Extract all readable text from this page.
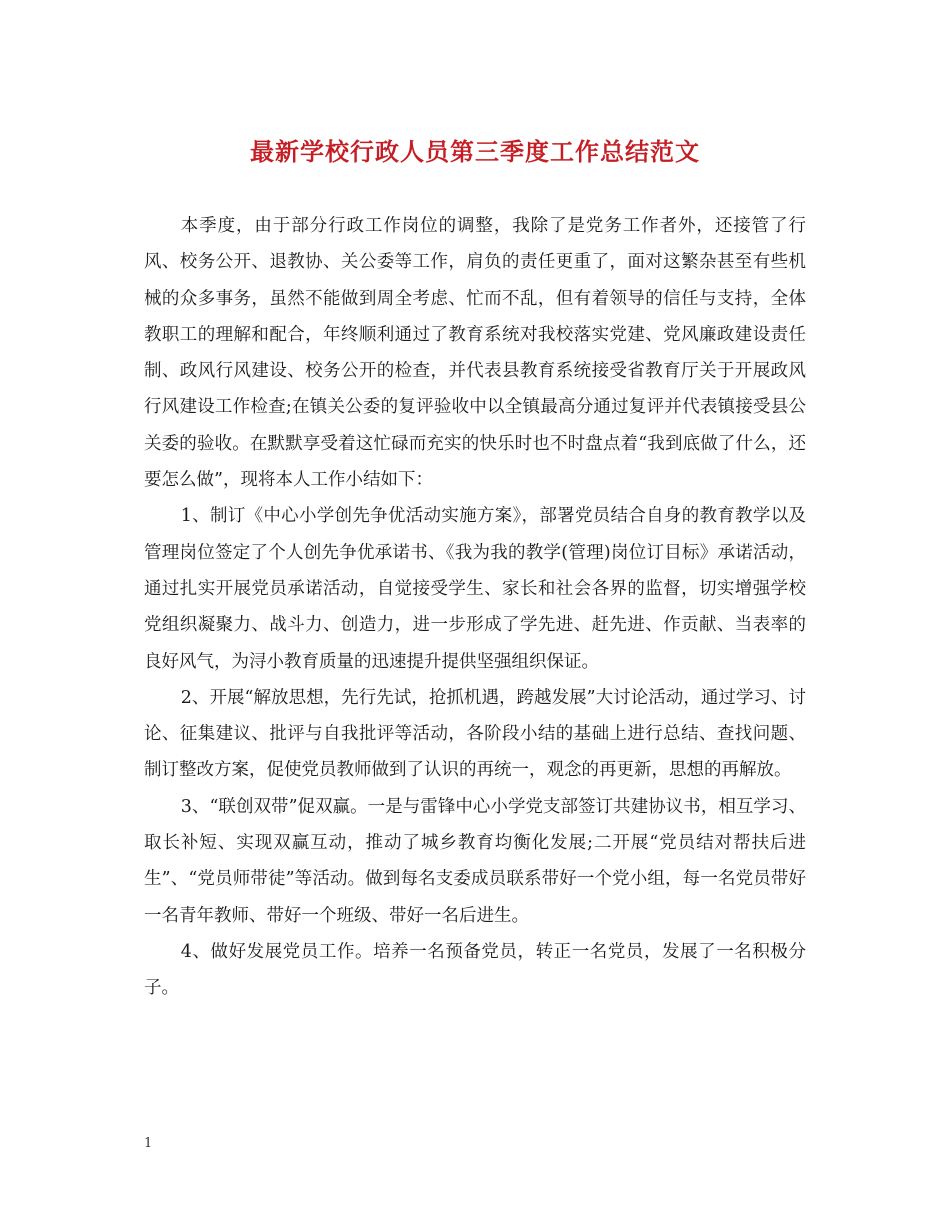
最新学校行政人员第三季度工作总结范文

本季度，由于部分行政工作岗位的调整，我除了是党务工作者外，还接管了行风、校务公开、退教协、关公委等工作，肩负的责任更重了，面对这繁杂甚至有些机械的众多事务，虽然不能做到周全考虑、忙而不乱，但有着领导的信任与支持，全体教职工的理解和配合，年终顺利通过了教育系统对我校落实党建、党风廉政建设责任制、政风行风建设、校务公开的检查，并代表县教育系统接受省教育厅关于开展政风行风建设工作检查;在镇关公委的复评验收中以全镇最高分通过复评并代表镇接受县公关委的验收。在默默享受着这忙碌而充实的快乐时也不时盘点着“我到底做了什么，还要怎么做”，现将本人工作小结如下：

1、制订《中心小学创先争优活动实施方案》，部署党员结合自身的教育教学以及管理岗位签定了个人创先争优承诺书、《我为我的教学(管理)岗位订目标》承诺活动，通过扎实开展党员承诺活动，自觉接受学生、家长和社会各界的监督，切实增强学校党组织凝聚力、战斗力、创造力，进一步形成了学先进、赶先进、作贡献、当表率的良好风气，为浔小教育质量的迅速提升提供坚强组织保证。

2、开展“解放思想，先行先试，抢抓机遇，跨越发展”大讨论活动，通过学习、讨论、征集建议、批评与自我批评等活动，各阶段小结的基础上进行总结、查找问题、制订整改方案，促使党员教师做到了认识的再统一，观念的再更新，思想的再解放。

3、“联创双带”促双赢。一是与雷锋中心小学党支部签订共建协议书，相互学习、取长补短、实现双赢互动，推动了城乡教育均衡化发展;二开展“党员结对帮扶后进生”、“党员师带徒”等活动。做到每名支委成员联系带好一个党小组，每一名党员带好一名青年教师、带好一个班级、带好一名后进生。

4、做好发展党员工作。培养一名预备党员，转正一名党员，发展了一名积极分子。

1
